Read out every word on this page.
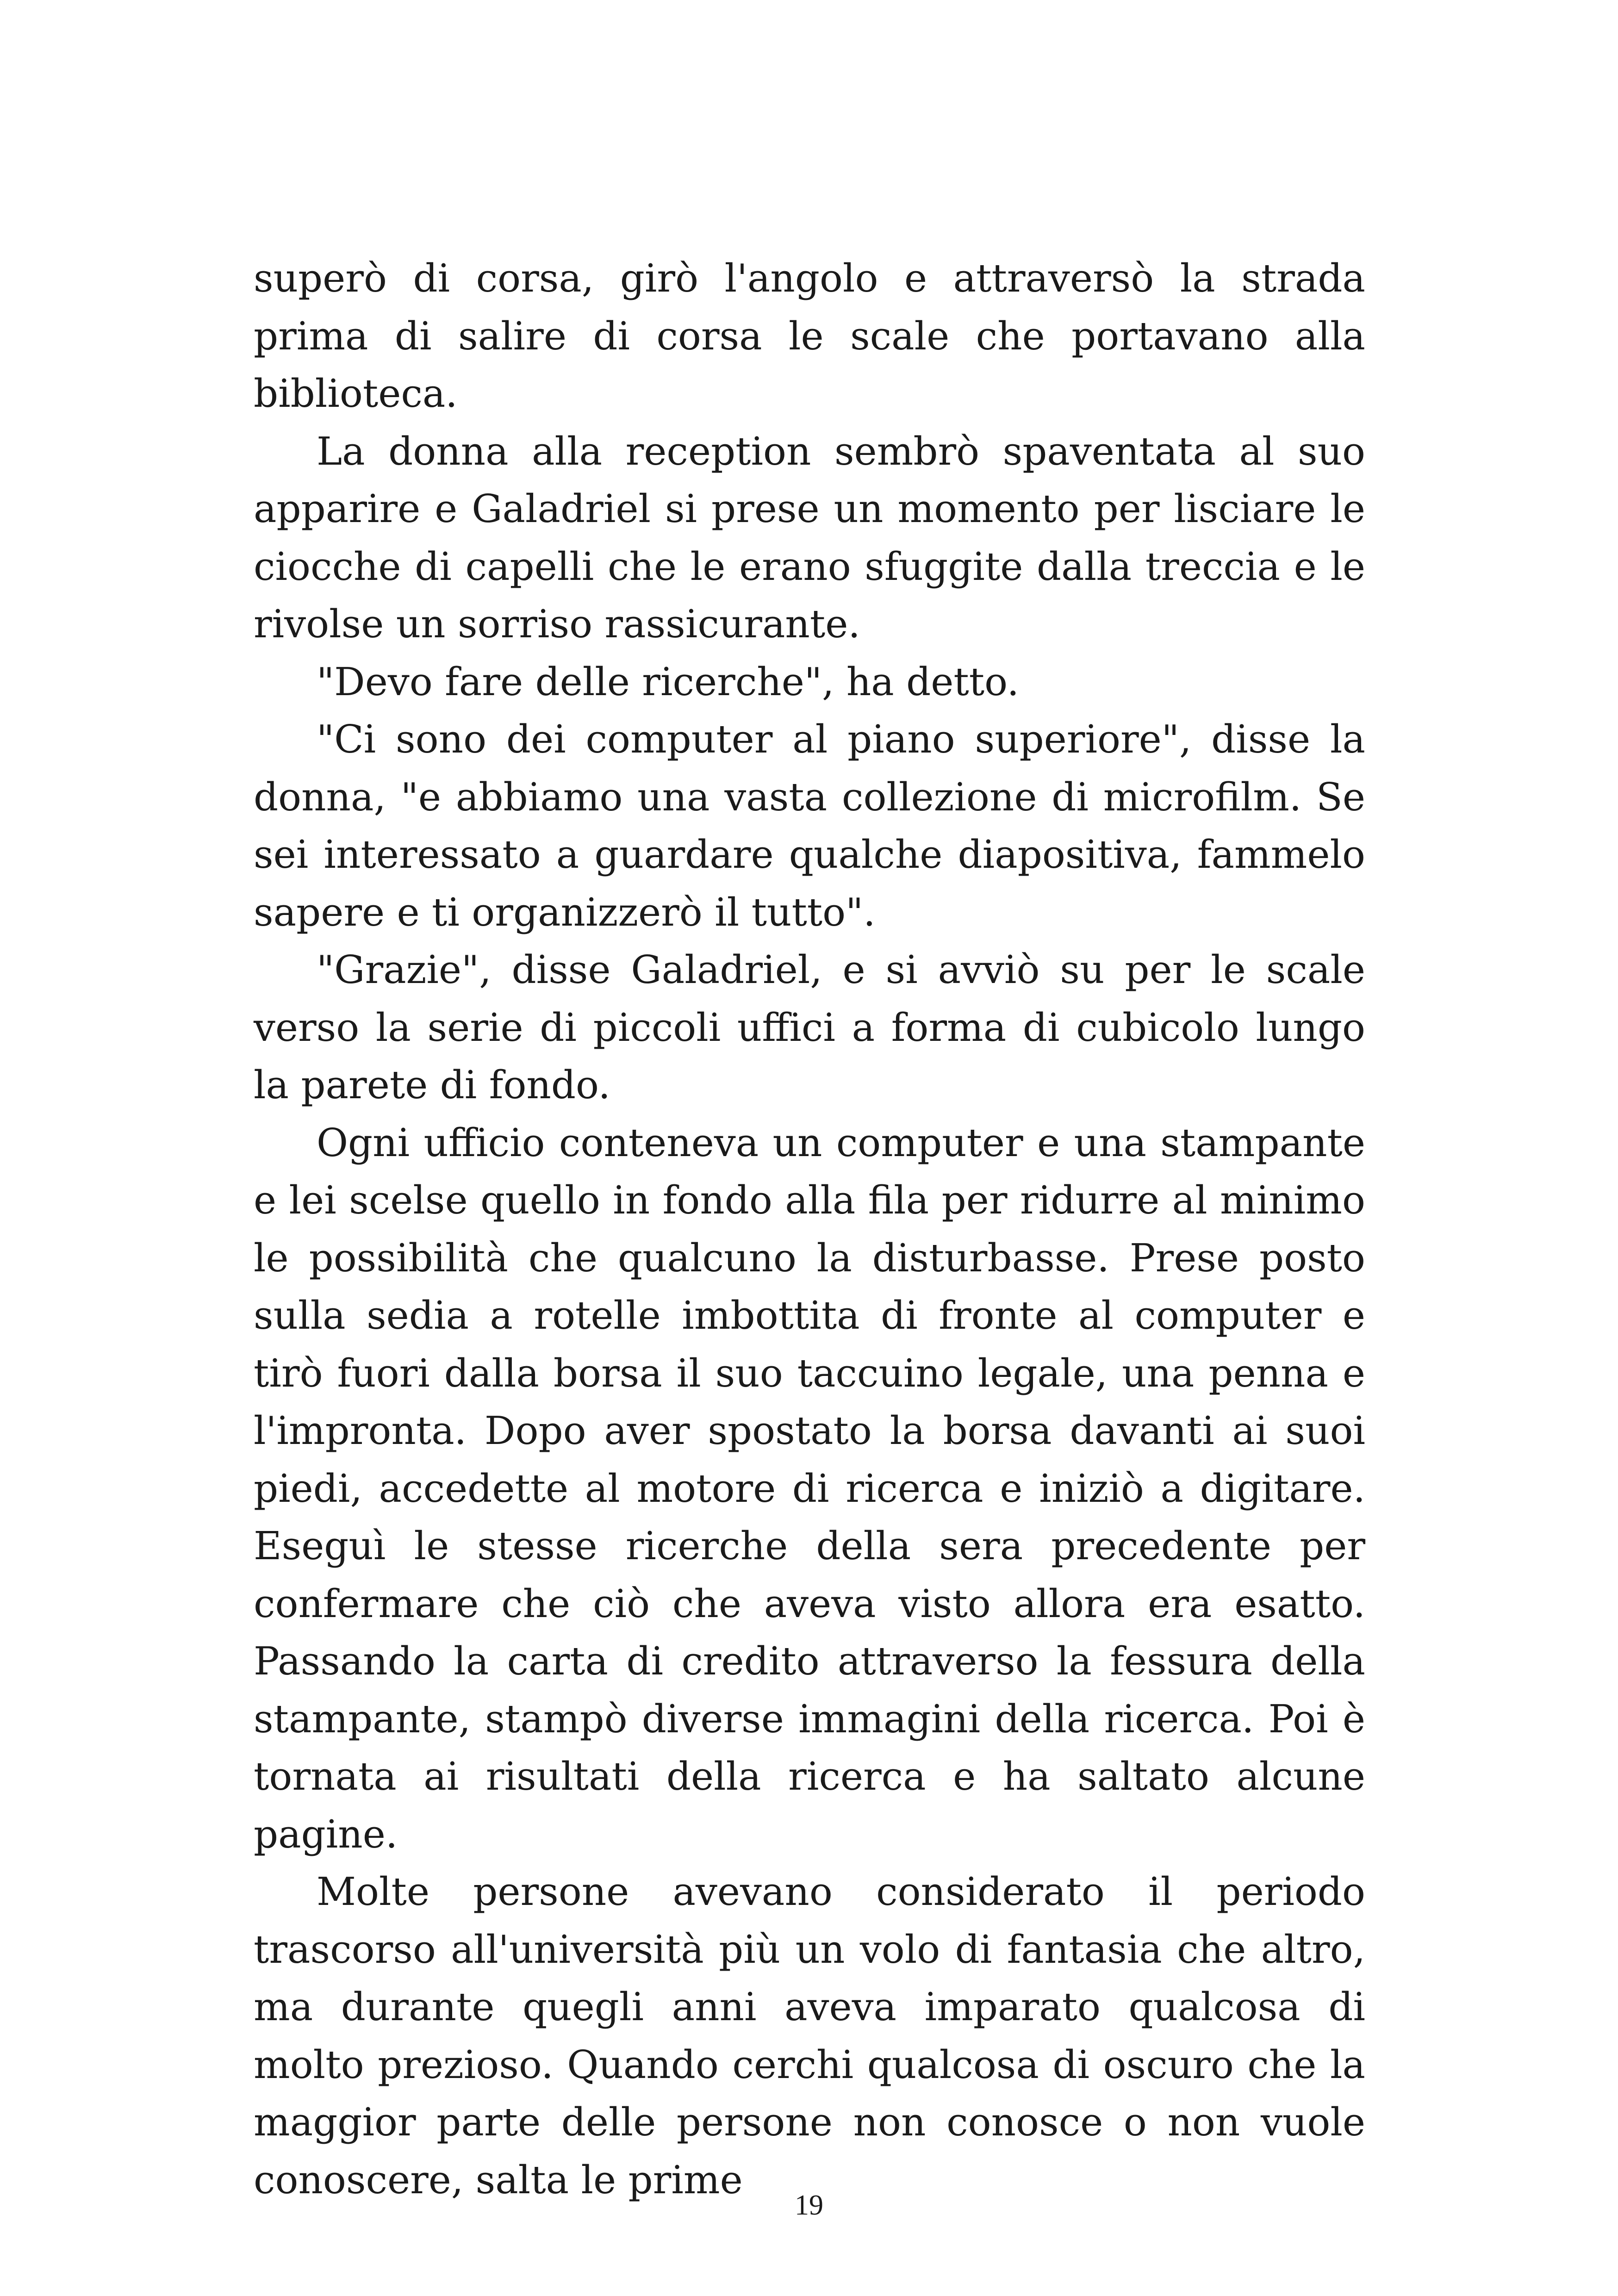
superò di corsa, girò l'angolo e attraversò la strada prima di salire di corsa le scale che portavano alla biblioteca.

La donna alla reception sembrò spaventata al suo apparire e Galadriel si prese un momento per lisciare le ciocche di capelli che le erano sfuggite dalla treccia e le rivolse un sorriso rassicurante.

"Devo fare delle ricerche", ha detto.

"Ci sono dei computer al piano superiore", disse la donna, "e abbiamo una vasta collezione di microfilm. Se sei interessato a guardare qualche diapositiva, fammelo sapere e ti organizzerò il tutto".

"Grazie", disse Galadriel, e si avviò su per le scale verso la serie di piccoli uffici a forma di cubicolo lungo la parete di fondo.

Ogni ufficio conteneva un computer e una stampante e lei scelse quello in fondo alla fila per ridurre al minimo le possibilità che qualcuno la disturbasse. Prese posto sulla sedia a rotelle imbottita di fronte al computer e tirò fuori dalla borsa il suo taccuino legale, una penna e l'impronta. Dopo aver spostato la borsa davanti ai suoi piedi, accedette al motore di ricerca e iniziò a digitare. Eseguì le stesse ricerche della sera precedente per confermare che ciò che aveva visto allora era esatto. Passando la carta di credito attraverso la fessura della stampante, stampò diverse immagini della ricerca. Poi è tornata ai risultati della ricerca e ha saltato alcune pagine.

Molte persone avevano considerato il periodo trascorso all'università più un volo di fantasia che altro, ma durante quegli anni aveva imparato qualcosa di molto prezioso. Quando cerchi qualcosa di oscuro che la maggior parte delle persone non conosce o non vuole conoscere, salta le prime

19
